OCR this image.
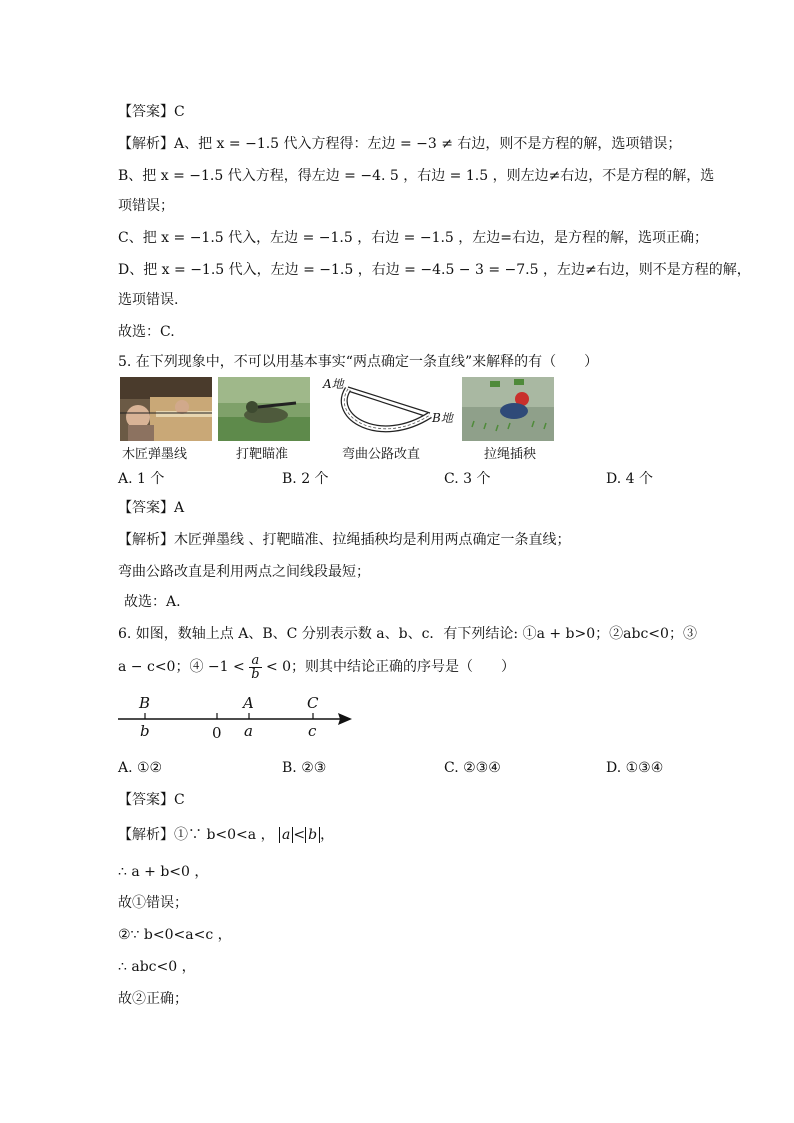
【答案】C
【解析】A、把 x = −1.5 代入方程得：左边 = −3 ≠ 右边，则不是方程的解，选项错误；
B、把 x = −1.5 代入方程，得左边 = −4. 5 ，右边 = 1.5 ，则左边≠右边，不是方程的解，选
项错误；
C、把 x = −1.5 代入，左边 = −1.5 ，右边 = −1.5 ，左边=右边，是方程的解，选项正确；
D、把 x = −1.5 代入，左边 = −1.5 ，右边 = −4.5 − 3 = −7.5 ，左边≠右边，则不是方程的解，
选项错误.
故选：C.
5. 在下列现象中，不可以用基本事实“两点确定一条直线”来解释的有（　　）
木匠弹墨线	打靶瞄准
A地
B地
弯曲公路改直	拉绳插秧
A. 1 个	B. 2 个	C. 3 个	D. 4 个
【答案】A
【解析】木匠弹墨线 、打靶瞄准、拉绳插秧均是利用两点确定一条直线；
弯曲公路改直是利用两点之间线段最短；
故选：A.
6. 如图，数轴上点 A、B、C 分别表示数 a、b、c．有下列结论: ①a + b>0；②abc<0；③
a − c<0；④ $-1 < \frac{a}{b} < 0$；则其中结论正确的序号是（　　）
B
b	0
A
a
C
c
A. ①②	B. ②③	C. ②③④	D. ①③④
【答案】C
【解析】①∵ b<0<a ， a < b ，
∴ a + b<0 ，
故①错误；
②∵ b<0<a<c ，
∴ abc<0 ，
故②正确；
